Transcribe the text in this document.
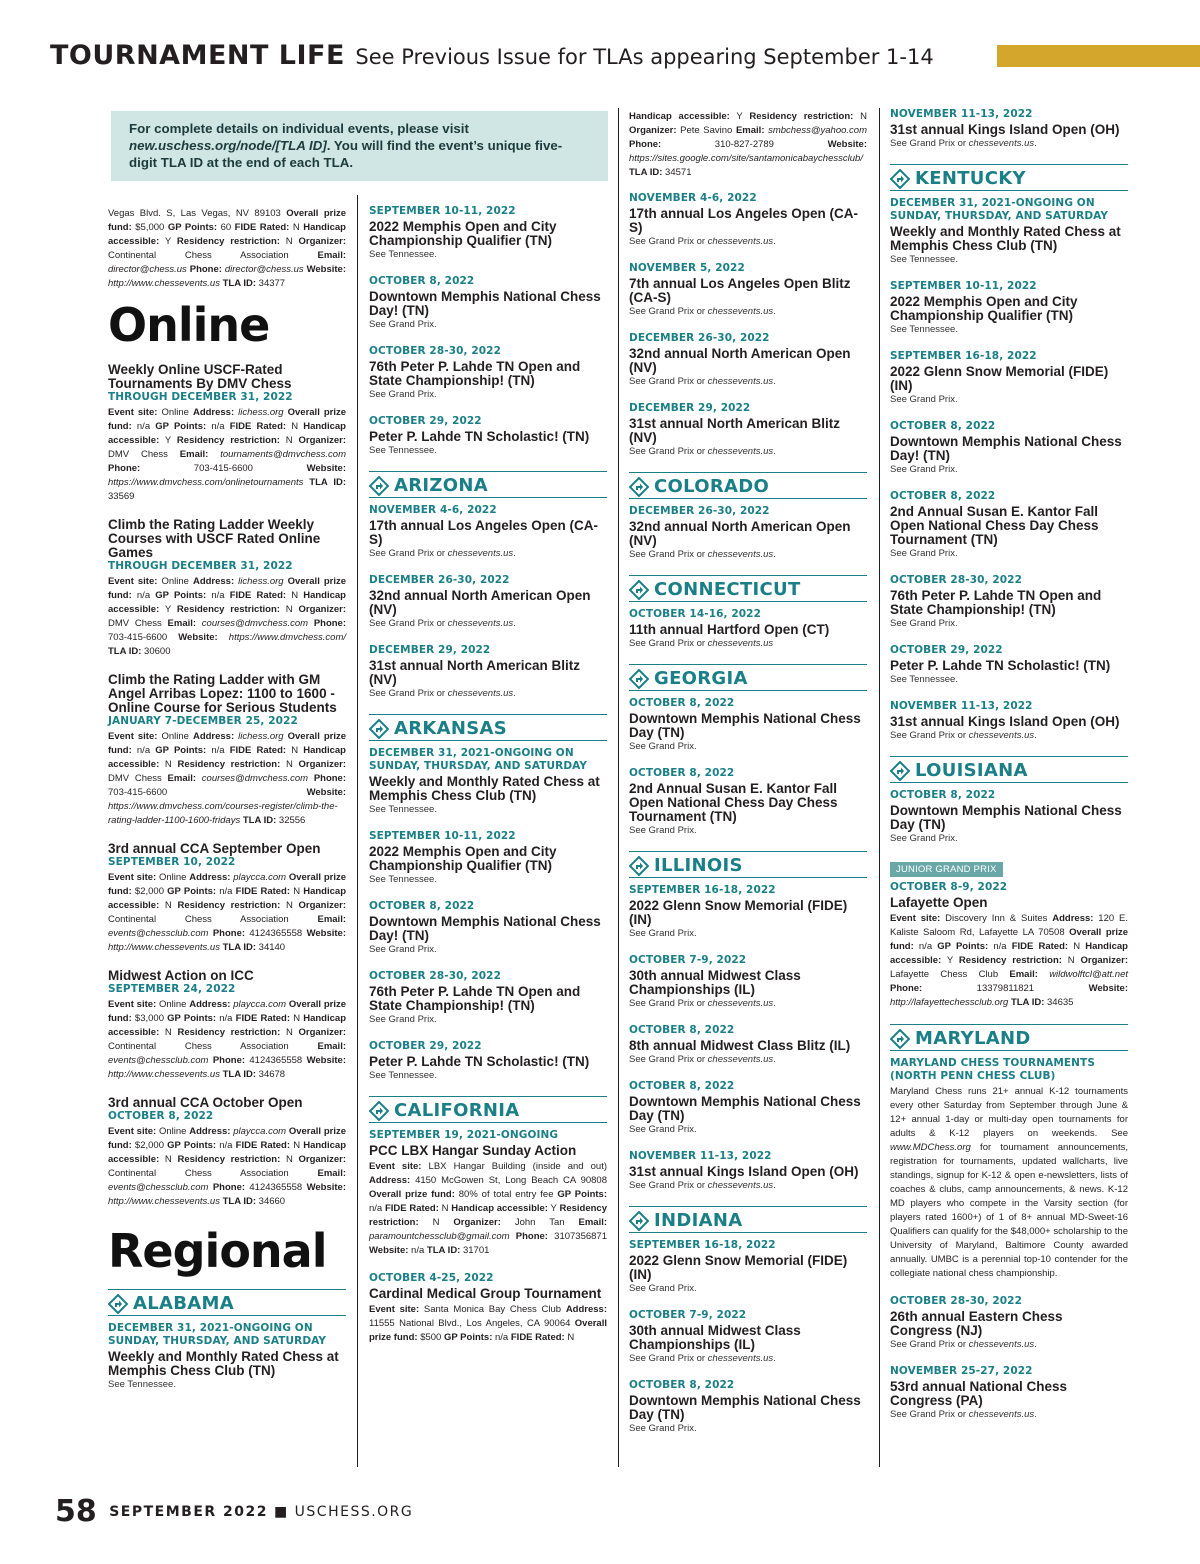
TOURNAMENT LIFE See Previous Issue for TLAs appearing September 1-14
For complete details on individual events, please visit new.uschess.org/node/[TLA ID]. You will find the event’s unique five-digit TLA ID at the end of each TLA.
Vegas Blvd. S, Las Vegas, NV 89103 Overall prize fund: $5,000 GP Points: 60 FIDE Rated: N Handicap accessible: Y Residency restriction: N Organizer: Continental Chess Association Email: director@chess.us Phone: director@chess.us Website: http://www.chessevents.us TLA ID: 34377
Online
Weekly Online USCF-Rated Tournaments By DMV Chess
THROUGH DECEMBER 31, 2022
Event site: Online Address: lichess.org Overall prize fund: n/a GP Points: n/a FIDE Rated: N Handicap accessible: Y Residency restriction: N Organizer: DMV Chess Email: tournaments@dmvchess.com Phone: 703-415-6600 Website: https://www.dmvchess.com/onlinetournaments TLA ID: 33569
Climb the Rating Ladder Weekly Courses with USCF Rated Online Games
THROUGH DECEMBER 31, 2022
Event site: Online Address: lichess.org Overall prize fund: n/a GP Points: n/a FIDE Rated: N Handicap accessible: Y Residency restriction: N Organizer: DMV Chess Email: courses@dmvchess.com Phone: 703-415-6600 Website: https://www.dmvchess.com/ TLA ID: 30600
Climb the Rating Ladder with GM Angel Arribas Lopez: 1100 to 1600 - Online Course for Serious Students
JANUARY 7-DECEMBER 25, 2022
Event site: Online Address: lichess.org Overall prize fund: n/a GP Points: n/a FIDE Rated: N Handicap accessible: N Residency restriction: N Organizer: DMV Chess Email: courses@dmvchess.com Phone: 703-415-6600 Website: https://www.dmvchess.com/courses-register/climb-the-rating-ladder-1100-1600-fridays TLA ID: 32556
3rd annual CCA September Open
SEPTEMBER 10, 2022
Event site: Online Address: playcca.com Overall prize fund: $2,000 GP Points: n/a FIDE Rated: N Handicap accessible: N Residency restriction: N Organizer: Continental Chess Association Email: events@chessclub.com Phone: 4124365558 Website: http://www.chessevents.us TLA ID: 34140
Midwest Action on ICC
SEPTEMBER 24, 2022
Event site: Online Address: playcca.com Overall prize fund: $3,000 GP Points: n/a FIDE Rated: N Handicap accessible: N Residency restriction: N Organizer: Continental Chess Association Email: events@chessclub.com Phone: 4124365558 Website: http://www.chessevents.us TLA ID: 34678
3rd annual CCA October Open
OCTOBER 8, 2022
Event site: Online Address: playcca.com Overall prize fund: $2,000 GP Points: n/a FIDE Rated: N Handicap accessible: N Residency restriction: N Organizer: Continental Chess Association Email: events@chessclub.com Phone: 4124365558 Website: http://www.chessevents.us TLA ID: 34660
Regional
ALABAMA
DECEMBER 31, 2021-ONGOING ON SUNDAY, THURSDAY, AND SATURDAY
Weekly and Monthly Rated Chess at Memphis Chess Club (TN)
See Tennessee.
SEPTEMBER 10-11, 2022
2022 Memphis Open and City Championship Qualifier (TN)
See Tennessee.
OCTOBER 8, 2022
Downtown Memphis National Chess Day! (TN)
See Grand Prix.
OCTOBER 28-30, 2022
76th Peter P. Lahde TN Open and State Championship! (TN)
See Grand Prix.
OCTOBER 29, 2022
Peter P. Lahde TN Scholastic! (TN)
See Tennessee.
ARIZONA
NOVEMBER 4-6, 2022
17th annual Los Angeles Open (CA-S)
See Grand Prix or chessevents.us.
DECEMBER 26-30, 2022
32nd annual North American Open (NV)
See Grand Prix or chessevents.us.
DECEMBER 29, 2022
31st annual North American Blitz (NV)
See Grand Prix or chessevents.us.
ARKANSAS
DECEMBER 31, 2021-ONGOING ON SUNDAY, THURSDAY, AND SATURDAY
Weekly and Monthly Rated Chess at Memphis Chess Club (TN)
See Tennessee.
SEPTEMBER 10-11, 2022
2022 Memphis Open and City Championship Qualifier (TN)
See Tennessee.
OCTOBER 8, 2022
Downtown Memphis National Chess Day! (TN)
See Grand Prix.
OCTOBER 28-30, 2022
76th Peter P. Lahde TN Open and State Championship! (TN)
See Grand Prix.
OCTOBER 29, 2022
Peter P. Lahde TN Scholastic! (TN)
See Tennessee.
CALIFORNIA
SEPTEMBER 19, 2021-ONGOING
PCC LBX Hangar Sunday Action
Event site: LBX Hangar Building (inside and out) Address: 4150 McGowen St, Long Beach CA 90808 Overall prize fund: 80% of total entry fee GP Points: n/a FIDE Rated: N Handicap accessible: Y Residency restriction: N Organizer: John Tan Email: paramountchessclub@gmail.com Phone: 3107356871 Website: n/a TLA ID: 31701
OCTOBER 4-25, 2022
Cardinal Medical Group Tournament
Event site: Santa Monica Bay Chess Club Address: 11555 National Blvd., Los Angeles, CA 90064 Overall prize fund: $500 GP Points: n/a FIDE Rated: N
Handicap accessible: Y Residency restriction: N Organizer: Pete Savino Email: smbchess@yahoo.com Phone: 310-827-2789 Website: https://sites.google.com/site/santamonicabaychessclub/ TLA ID: 34571
NOVEMBER 4-6, 2022
17th annual Los Angeles Open (CA-S)
See Grand Prix or chessevents.us.
NOVEMBER 5, 2022
7th annual Los Angeles Open Blitz (CA-S)
See Grand Prix or chessevents.us.
DECEMBER 26-30, 2022
32nd annual North American Open (NV)
See Grand Prix or chessevents.us.
DECEMBER 29, 2022
31st annual North American Blitz (NV)
See Grand Prix or chessevents.us.
COLORADO
DECEMBER 26-30, 2022
32nd annual North American Open (NV)
See Grand Prix or chessevents.us.
CONNECTICUT
OCTOBER 14-16, 2022
11th annual Hartford Open (CT)
See Grand Prix or chessevents.us
GEORGIA
OCTOBER 8, 2022
Downtown Memphis National Chess Day (TN)
See Grand Prix.
OCTOBER 8, 2022
2nd Annual Susan E. Kantor Fall Open National Chess Day Chess Tournament (TN)
See Grand Prix.
ILLINOIS
SEPTEMBER 16-18, 2022
2022 Glenn Snow Memorial (FIDE) (IN)
See Grand Prix.
OCTOBER 7-9, 2022
30th annual Midwest Class Championships (IL)
See Grand Prix or chessevents.us.
OCTOBER 8, 2022
8th annual Midwest Class Blitz (IL)
See Grand Prix or chessevents.us.
OCTOBER 8, 2022
Downtown Memphis National Chess Day (TN)
See Grand Prix.
NOVEMBER 11-13, 2022
31st annual Kings Island Open (OH)
See Grand Prix or chessevents.us.
INDIANA
SEPTEMBER 16-18, 2022
2022 Glenn Snow Memorial (FIDE) (IN)
See Grand Prix.
OCTOBER 7-9, 2022
30th annual Midwest Class Championships (IL)
See Grand Prix or chessevents.us.
OCTOBER 8, 2022
Downtown Memphis National Chess Day (TN)
See Grand Prix.
NOVEMBER 11-13, 2022
31st annual Kings Island Open (OH)
See Grand Prix or chessevents.us.
KENTUCKY
DECEMBER 31, 2021-ONGOING ON SUNDAY, THURSDAY, AND SATURDAY
Weekly and Monthly Rated Chess at Memphis Chess Club (TN)
See Tennessee.
SEPTEMBER 10-11, 2022
2022 Memphis Open and City Championship Qualifier (TN)
See Tennessee.
SEPTEMBER 16-18, 2022
2022 Glenn Snow Memorial (FIDE) (IN)
See Grand Prix.
OCTOBER 8, 2022
Downtown Memphis National Chess Day! (TN)
See Grand Prix.
OCTOBER 8, 2022
2nd Annual Susan E. Kantor Fall Open National Chess Day Chess Tournament (TN)
See Grand Prix.
OCTOBER 28-30, 2022
76th Peter P. Lahde TN Open and State Championship! (TN)
See Grand Prix.
OCTOBER 29, 2022
Peter P. Lahde TN Scholastic! (TN)
See Tennessee.
NOVEMBER 11-13, 2022
31st annual Kings Island Open (OH)
See Grand Prix or chessevents.us.
LOUISIANA
OCTOBER 8, 2022
Downtown Memphis National Chess Day (TN)
See Grand Prix.
JUNIOR GRAND PRIX
OCTOBER 8-9, 2022
Lafayette Open
Event site: Discovery Inn & Suites Address: 120 E. Kaliste Saloom Rd, Lafayette LA 70508 Overall prize fund: n/a GP Points: n/a FIDE Rated: N Handicap accessible: Y Residency restriction: N Organizer: Lafayette Chess Club Email: wildwolftcl@att.net Phone: 13379811821 Website: http://lafayettechessclub.org TLA ID: 34635
MARYLAND
MARYLAND CHESS TOURNAMENTS (NORTH PENN CHESS CLUB)
Maryland Chess runs 21+ annual K-12 tournaments every other Saturday from September through June & 12+ annual 1-day or multi-day open tournaments for adults & K-12 players on weekends. See www.MDChess.org for tournament announcements, registration for tournaments, updated wallcharts, live standings, signup for K-12 & open e-newsletters, lists of coaches & clubs, camp announcements, & news. K-12 MD players who compete in the Varsity section (for players rated 1600+) of 1 of 8+ annual MD-Sweet-16 Qualifiers can qualify for the $48,000+ scholarship to the University of Maryland, Baltimore County awarded annually. UMBC is a perennial top-10 contender for the collegiate national chess championship.
OCTOBER 28-30, 2022
26th annual Eastern Chess Congress (NJ)
See Grand Prix or chessevents.us.
NOVEMBER 25-27, 2022
53rd annual National Chess Congress (PA)
See Grand Prix or chessevents.us.
58 SEPTEMBER 2022 ■ USCHESS.ORG
